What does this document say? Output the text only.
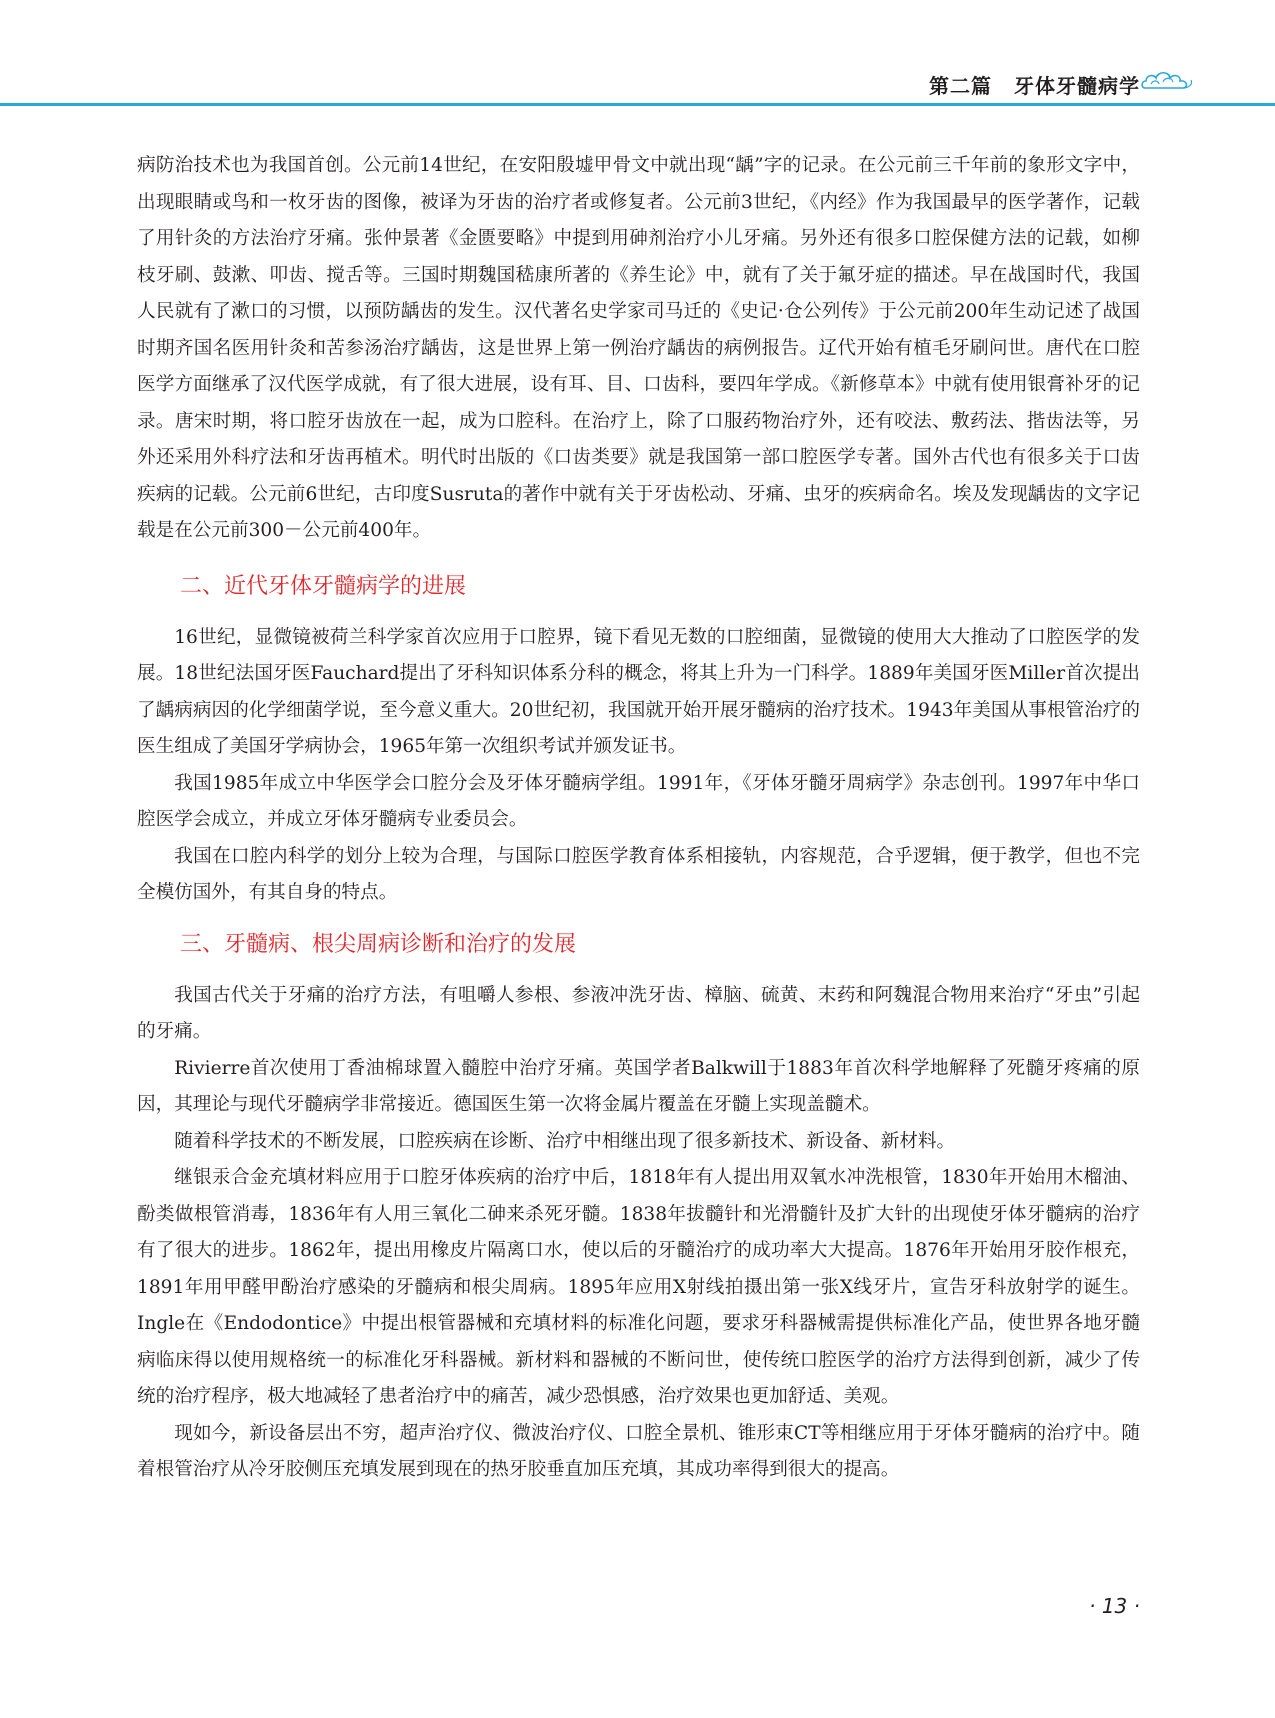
第二篇 牙体牙髓病学

病防治技术也为我国首创。公元前14世纪，在安阳殷墟甲骨文中就出现“龋”字的记录。在公元前三千年前的象形文字中，出现眼睛或鸟和一枚牙齿的图像，被译为牙齿的治疗者或修复者。公元前3世纪，《内经》作为我国最早的医学著作，记载了用针灸的方法治疗牙痛。张仲景著《金匮要略》中提到用砷剂治疗小儿牙痛。另外还有很多口腔保健方法的记载，如柳枝牙刷、鼓漱、叩齿、搅舌等。三国时期魏国嵇康所著的《养生论》中，就有了关于氟牙症的描述。早在战国时代，我国人民就有了漱口的习惯，以预防龋齿的发生。汉代著名史学家司马迁的《史记·仓公列传》于公元前200年生动记述了战国时期齐国名医用针灸和苦参汤治疗龋齿，这是世界上第一例治疗龋齿的病例报告。辽代开始有植毛牙刷问世。唐代在口腔医学方面继承了汉代医学成就，有了很大进展，设有耳、目、口齿科，要四年学成。《新修草本》中就有使用银膏补牙的记录。唐宋时期，将口腔牙齿放在一起，成为口腔科。在治疗上，除了口服药物治疗外，还有咬法、敷药法、揩齿法等，另外还采用外科疗法和牙齿再植术。明代时出版的《口齿类要》就是我国第一部口腔医学专著。国外古代也有很多关于口齿疾病的记载。公元前6世纪，古印度Susruta的著作中就有关于牙齿松动、牙痛、虫牙的疾病命名。埃及发现龋齿的文字记载是在公元前300－公元前400年。

二、近代牙体牙髓病学的进展

16世纪，显微镜被荷兰科学家首次应用于口腔界，镜下看见无数的口腔细菌，显微镜的使用大大推动了口腔医学的发展。18世纪法国牙医Fauchard提出了牙科知识体系分科的概念，将其上升为一门科学。1889年美国牙医Miller首次提出了龋病病因的化学细菌学说，至今意义重大。20世纪初，我国就开始开展牙髓病的治疗技术。1943年美国从事根管治疗的医生组成了美国牙学病协会，1965年第一次组织考试并颁发证书。

我国1985年成立中华医学会口腔分会及牙体牙髓病学组。1991年，《牙体牙髓牙周病学》杂志创刊。1997年中华口腔医学会成立，并成立牙体牙髓病专业委员会。

我国在口腔内科学的划分上较为合理，与国际口腔医学教育体系相接轨，内容规范，合乎逻辑，便于教学，但也不完全模仿国外，有其自身的特点。

三、牙髓病、根尖周病诊断和治疗的发展

我国古代关于牙痛的治疗方法，有咀嚼人参根、参液冲洗牙齿、樟脑、硫黄、末药和阿魏混合物用来治疗“牙虫”引起的牙痛。

Rivierre首次使用丁香油棉球置入髓腔中治疗牙痛。英国学者Balkwill于1883年首次科学地解释了死髓牙疼痛的原因，其理论与现代牙髓病学非常接近。德国医生第一次将金属片覆盖在牙髓上实现盖髓术。

随着科学技术的不断发展，口腔疾病在诊断、治疗中相继出现了很多新技术、新设备、新材料。

继银汞合金充填材料应用于口腔牙体疾病的治疗中后，1818年有人提出用双氧水冲洗根管，1830年开始用木榴油、酚类做根管消毒，1836年有人用三氧化二砷来杀死牙髓。1838年拔髓针和光滑髓针及扩大针的出现使牙体牙髓病的治疗有了很大的进步。1862年，提出用橡皮片隔离口水，使以后的牙髓治疗的成功率大大提高。1876年开始用牙胶作根充，1891年用甲醛甲酚治疗感染的牙髓病和根尖周病。1895年应用X射线拍摄出第一张X线牙片，宣告牙科放射学的诞生。Ingle在《Endodontice》中提出根管器械和充填材料的标准化问题，要求牙科器械需提供标准化产品，使世界各地牙髓病临床得以使用规格统一的标准化牙科器械。新材料和器械的不断问世，使传统口腔医学的治疗方法得到创新，减少了传统的治疗程序，极大地减轻了患者治疗中的痛苦，减少恐惧感，治疗效果也更加舒适、美观。

现如今，新设备层出不穷，超声治疗仪、微波治疗仪、口腔全景机、锥形束CT等相继应用于牙体牙髓病的治疗中。随着根管治疗从冷牙胶侧压充填发展到现在的热牙胶垂直加压充填，其成功率得到很大的提高。

· 13 ·
